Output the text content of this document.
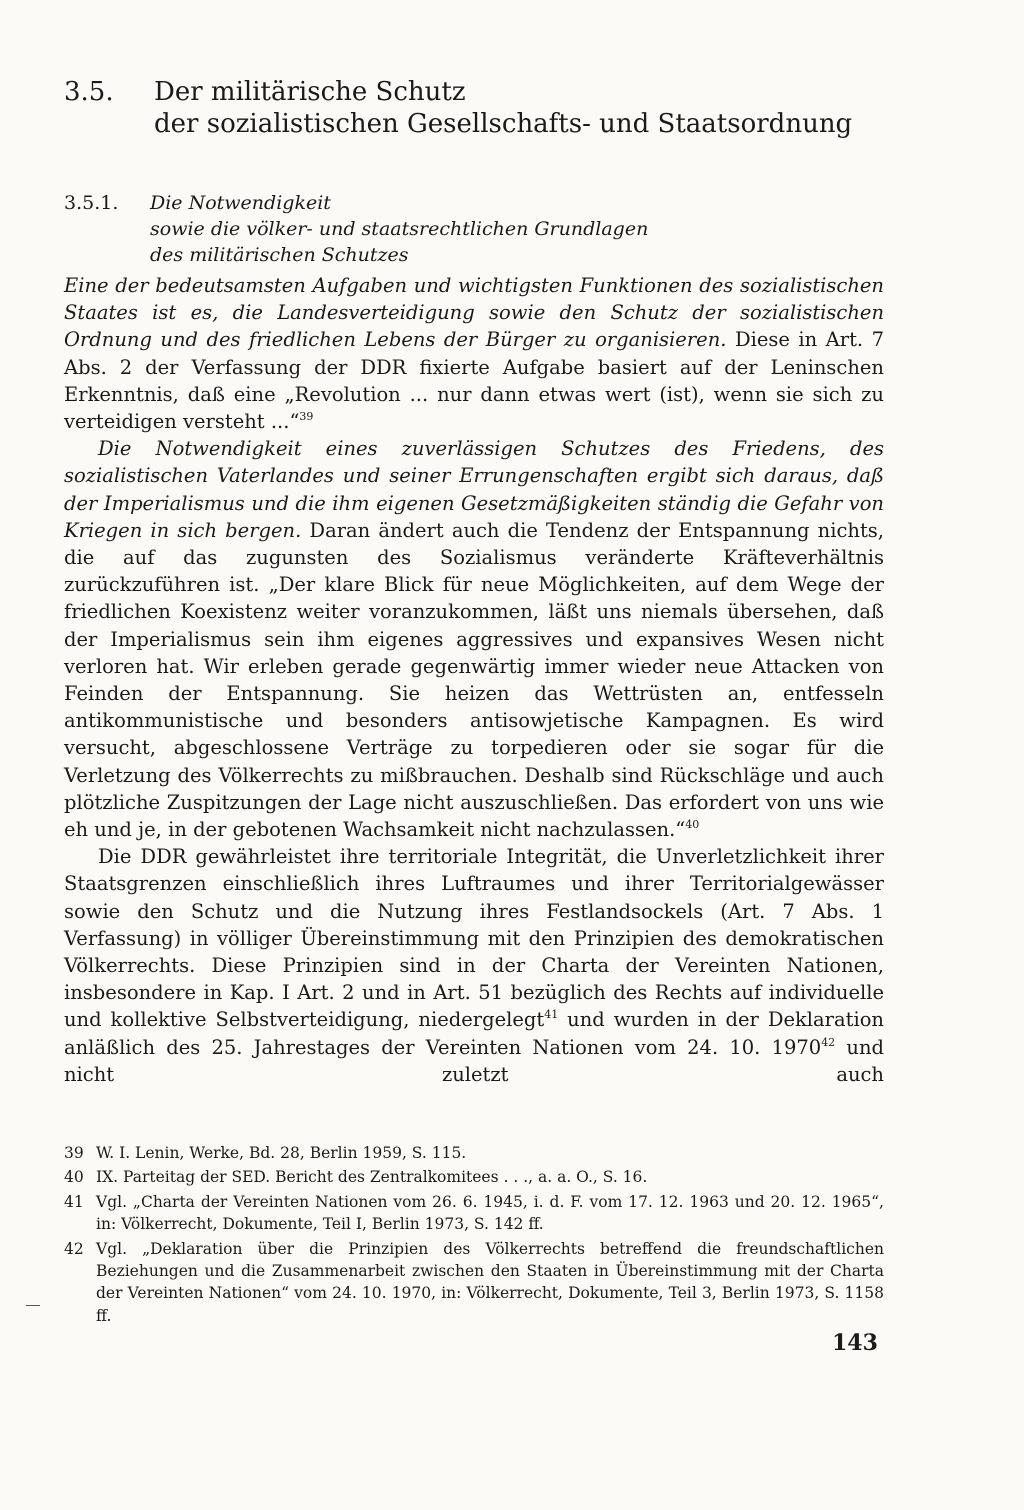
3.5. Der militärische Schutz
der sozialistischen Gesellschafts- und Staatsordnung
3.5.1. Die Notwendigkeit
sowie die völker- und staatsrechtlichen Grundlagen
des militärischen Schutzes

Eine der bedeutsamsten Aufgaben und wichtigsten Funktionen des sozialistischen Staates ist es, die Landesverteidigung sowie den Schutz der sozialistischen Ordnung und des friedlichen Lebens der Bürger zu organisieren. Diese in Art. 7 Abs. 2 der Verfassung der DDR fixierte Aufgabe basiert auf der Leninschen Erkenntnis, daß eine „Revolution ... nur dann etwas wert (ist), wenn sie sich zu verteidigen versteht ...“$^{39}$

Die Notwendigkeit eines zuverlässigen Schutzes des Friedens, des sozialistischen Vaterlandes und seiner Errungenschaften ergibt sich daraus, daß der Imperialismus und die ihm eigenen Gesetzmäßigkeiten ständig die Gefahr von Kriegen in sich bergen. Daran ändert auch die Tendenz der Entspannung nichts, die auf das zugunsten des Sozialismus veränderte Kräfteverhältnis zurückzuführen ist. „Der klare Blick für neue Möglichkeiten, auf dem Wege der friedlichen Koexistenz weiter voranzukommen, läßt uns niemals übersehen, daß der Imperialismus sein ihm eigenes aggressives und expansives Wesen nicht verloren hat. Wir erleben gerade gegenwärtig immer wieder neue Attacken von Feinden der Entspannung. Sie heizen das Wettrüsten an, entfesseln antikommunistische und besonders antisowjetische Kampagnen. Es wird versucht, abgeschlossene Verträge zu torpedieren oder sie sogar für die Verletzung des Völkerrechts zu mißbrauchen. Deshalb sind Rückschläge und auch plötzliche Zuspitzungen der Lage nicht auszuschließen. Das erfordert von uns wie eh und je, in der gebotenen Wachsamkeit nicht nachzulassen.“$^{40}$

Die DDR gewährleistet ihre territoriale Integrität, die Unverletzlichkeit ihrer Staatsgrenzen einschließlich ihres Luftraumes und ihrer Territorialgewässer sowie den Schutz und die Nutzung ihres Festlandsockels (Art. 7 Abs. 1 Verfassung) in völliger Übereinstimmung mit den Prinzipien des demokratischen Völkerrechts. Diese Prinzipien sind in der Charta der Vereinten Nationen, insbesondere in Kap. I Art. 2 und in Art. 51 bezüglich des Rechts auf individuelle und kollektive Selbstverteidigung, niedergelegt$^{41}$ und wurden in der Deklaration anläßlich des 25. Jahrestages der Vereinten Nationen vom 24. 10. 1970$^{42}$ und nicht zuletzt auch

39 W. I. Lenin, Werke, Bd. 28, Berlin 1959, S. 115.
40 IX. Parteitag der SED. Bericht des Zentralkomitees . . ., a. a. O., S. 16.
41 Vgl. „Charta der Vereinten Nationen vom 26. 6. 1945, i. d. F. vom 17. 12. 1963 und 20. 12. 1965“, in: Völkerrecht, Dokumente, Teil I, Berlin 1973, S. 142 ff.
42 Vgl. „Deklaration über die Prinzipien des Völkerrechts betreffend die freundschaftlichen Beziehungen und die Zusammenarbeit zwischen den Staaten in Übereinstimmung mit der Charta der Vereinten Nationen“ vom 24. 10. 1970, in: Völkerrecht, Dokumente, Teil 3, Berlin 1973, S. 1158 ff.
143
